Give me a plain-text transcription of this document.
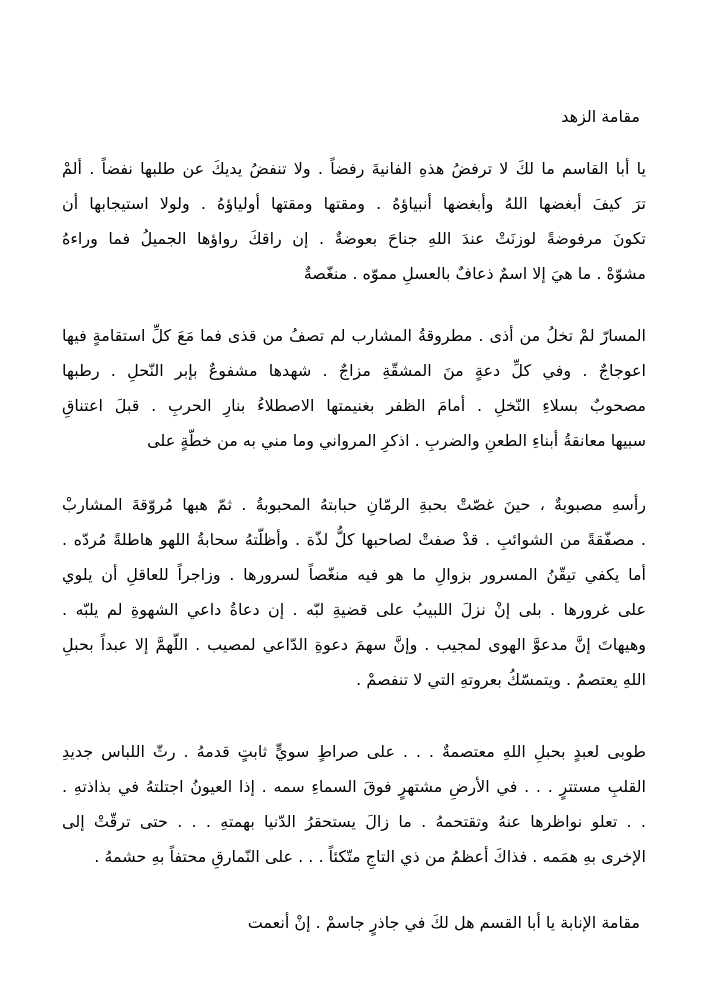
مقامة الزهد

يا أبا القاسم ما لكَ لا ترفضُ هذهِ الفانيةَ رفضاً . ولا تنفضُ يديكَ عن طلبها نفضاً . ألمْ
ترَ كيفَ أبغضها اللهُ وأبغضها أنبياؤهُ . ومقتها ومقتها أولياؤهُ . ولولا استيجابها أن
تكونَ مرفوضةً لوزنَتْ عندَ اللهِ جناحَ بعوضةٌ . إن راقكَ رواؤها الجميلُ فما وراءهُ
مشوّهْ . ما هيَ إلا اسمٌ ذعافٌ بالعسلِ مموّه . منغّصةٌ

المسارّ لمْ تخلُ من أذى . مطروقةُ المشارب لم تصفُ من قذى فما مَعَ كلِّ استقامةٍ فيها
اعوجاجٌ . وفي كلِّ دعةٍ منَ المشقّةِ مزاجٌ . شهدها مشفوعٌ بإبر النّحلِ . رطبها
مصحوبٌ بسلاءِ النّخلِ . أمامَ الظفر بغنيمتها الاصطلاءُ بنارِ الحربِ . قبلَ اعتناقِ
سبيها معانقةُ أبناءِ الطعنِ والضربِ . اذكرِ المرواني وما مني به من خطّةٍ على

رأسهِ مصبوبةٌ ، حينَ غصّتْ بحبةِ الرمّانِ حبابتهُ المحبوبةُ . ثمّ هبها مُروّقةَ المشاربْ
. مصفّقةً من الشوائبِ . قدْ صفتْ لصاحبها كلُّ لذّة . وأظلّتهُ سحابةُ اللهو هاطلةً مُردّه .
أما يكفي تيقّنُ المسرور بزوالِ ما هو فيه منغّصاً لسرورها . وزاجراً للعاقلِ أن يلوي
على غرورها . بلى إنْ نزلَ اللبيبُ على قضيةِ لبّه . إن دعاةُ داعي الشهوةِ لم يلبّه .
وهيهاتَ إنَّ مدعوَّ الهوى لمجيب . وإنَّ سهمَ دعوةِ الدّاعي لمصيب . اللّهمَّ إلا عبداً بحبلِ
اللهِ يعتصمُ . ويتمسّكُ بعروتهِ التي لا تنفصمْ .

طوبى لعبدٍ بحبلِ اللهِ معتصمةٌ . . . على صراطٍ سويٍّ ثابتٍ قدمهُ . رثّ اللباس جديدِ
القلبِ مستترٍ . . . في الأرضِ مشتهرٍ فوقَ السماءِ سمه . إذا العيونُ اجتلتهُ في بذاذتهِ .
. . تعلو نواظرها عنهُ وتقتحمهُ . ما زالَ يستحقرُ الدّنيا بهمتهِ . . . حتى ترقّتْ إلى
الإخرى بهِ همَمه . فذاكَ أعظمُ من ذي التاجِ متّكئاً . . . على النّمارقِ محتفاً بهِ حشمهُ .

مقامة الإنابة يا أبا القسم هل لكَ في جاذرٍ جاسمْ . إنْ أنعمت
